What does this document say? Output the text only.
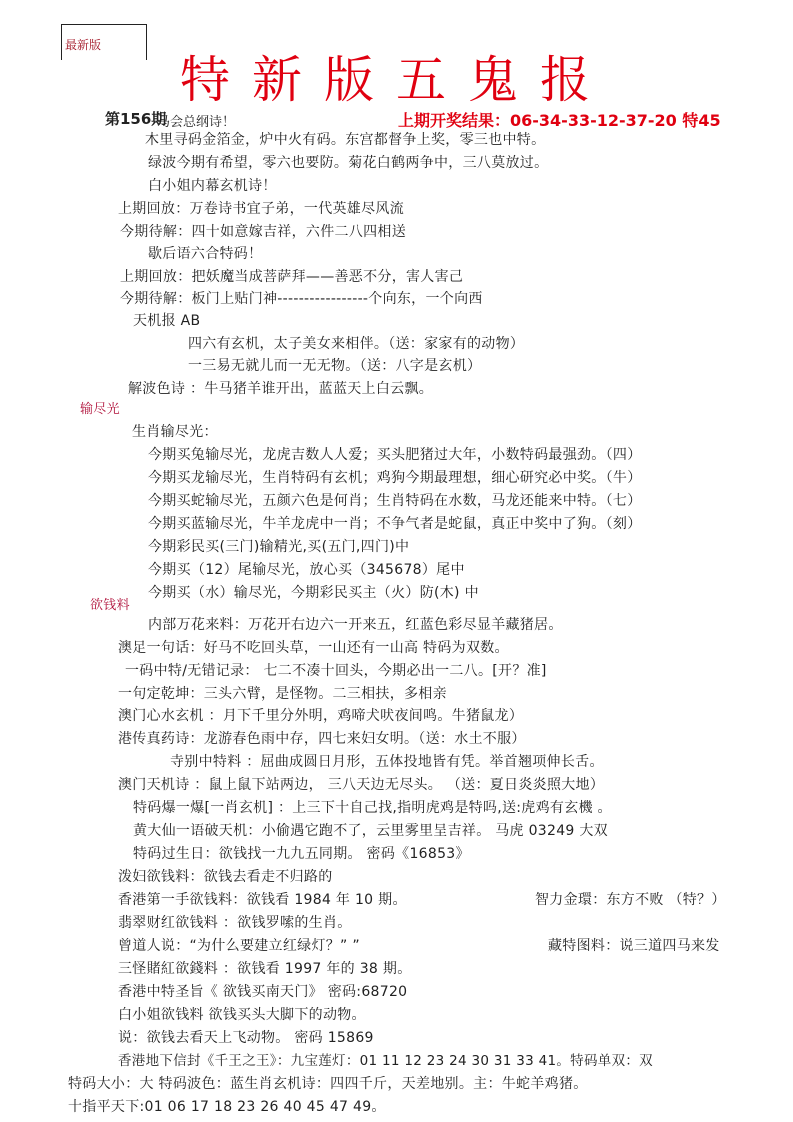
最新版
特新版五鬼报
第156期
马会总纲诗！	上期开奖结果：06-34-33-12-37-20 特45
木里寻码金箔金，炉中火有码。东宫都督争上奖，零三也中特。
绿波今期有希望，零六也要防。菊花白鹤两争中，三八莫放过。
白小姐内幕玄机诗！
上期回放：万卷诗书宜子弟，一代英雄尽风流
今期待解：四十如意嫁吉祥，六件二八四相送
歇后语六合特码！
上期回放：把妖魔当成菩萨拜——善恶不分，害人害己
今期待解：板门上贴门神-----------------个向东，一个向西
天机报 AB
四六有玄机，太子美女来相伴。（送：家家有的动物）
一三易无就儿而一无无物。（送：八字是玄机）
解波色诗 ：牛马猪羊谁开出，蓝蓝天上白云飘。
输尽光
生肖输尽光：
今期买兔输尽光，龙虎吉数人人爱；买头肥猪过大年，小数特码最强劲。（四）
今期买龙输尽光，生肖特码有玄机；鸡狗今期最理想，细心研究必中奖。（牛）
今期买蛇输尽光，五颜六色是何肖；生肖特码在水数，马龙还能来中特。（七）
今期买蓝输尽光，牛羊龙虎中一肖；不争气者是蛇鼠，真正中奖中了狗。（刻）
今期彩民买(三门)输精光,买(五门,四门)中
今期买（12）尾输尽光，放心买（345678）尾中
今期买（水）输尽光，今期彩民买主（火）防(木) 中
欲钱料
内部万花来料：万花开右边六一开来五，红蓝色彩尽显羊藏猪居。
澳足一句话：好马不吃回头草，一山还有一山高 特码为双数。
一码中特/无错记录： 七二不凑十回头，今期必出一二八。[开？准]
一句定乾坤：三头六臂，是怪物。二三相扶，多相亲
澳门心水玄机 ：月下千里分外明，鸡啼犬吠夜间鸣。牛猪鼠龙）
港传真药诗：龙游春色雨中存，四七来妇女明。（送：水土不服）
寺别中特料 ：屈曲成圆日月形，五体投地皆有凭。举首翘项伸长舌。
澳门天机诗 ：鼠上鼠下站两边， 三八天边无尽头。 （送：夏日炎炎照大地）
特码爆一爆[一肖玄机] ：上三下十自己找,指明虎鸡是特吗,送:虎鸡有玄機 。
黄大仙一语破天机：小偷遇它跑不了，云里雾里呈吉祥。 马虎 03249 大双
特码过生日：欲钱找一九九五同期。 密码《16853》
泼妇欲钱料：欲钱去看走不归路的
香港第一手欲钱料：欲钱看 1984 年 10 期。	智力金環：东方不败 （特？）
翡翠财红欲钱料 ：欲钱罗嗦的生肖。
曾道人说：“为什么要建立红绿灯？” ”	藏特图料：说三道四马来发
三怪賭紅欲錢料 ：欲钱看 1997 年的 38 期。
香港中特圣旨《 欲钱买南天门》 密码:68720
白小姐欲钱料 欲钱买头大脚下的动物。
说：欲钱去看天上飞动物。 密码 15869
香港地下信封《千王之王》：九宝莲灯：01 11 12 23 24 30 31 33 41。特码单双：双
特码大小：大 特码波色：蓝生肖玄机诗：四四千斤，天差地别。主：牛蛇羊鸡猪。
十指平天下:01 06 17 18 23 26 40 45 47 49。
